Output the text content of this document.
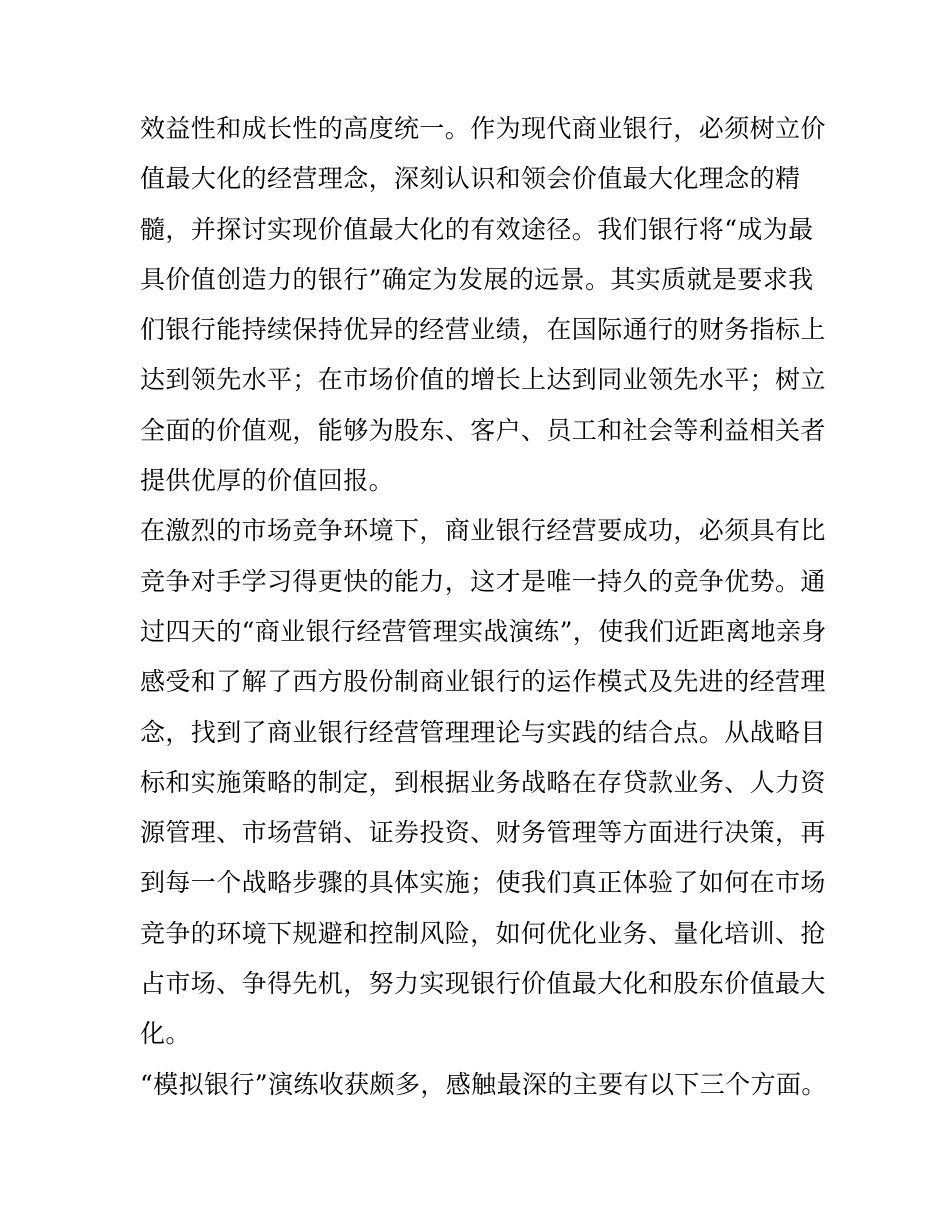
效益性和成长性的高度统一。作为现代商业银行，必须树立价
值最大化的经营理念，深刻认识和领会价值最大化理念的精
髓，并探讨实现价值最大化的有效途径。我们银行将“成为最
具价值创造力的银行”确定为发展的远景。其实质就是要求我
们银行能持续保持优异的经营业绩，在国际通行的财务指标上
达到领先水平；在市场价值的增长上达到同业领先水平；树立
全面的价值观，能够为股东、客户、员工和社会等利益相关者
提供优厚的价值回报。
在激烈的市场竞争环境下，商业银行经营要成功，必须具有比
竞争对手学习得更快的能力，这才是唯一持久的竞争优势。通
过四天的“商业银行经营管理实战演练”，使我们近距离地亲身
感受和了解了西方股份制商业银行的运作模式及先进的经营理
念，找到了商业银行经营管理理论与实践的结合点。从战略目
标和实施策略的制定，到根据业务战略在存贷款业务、人力资
源管理、市场营销、证券投资、财务管理等方面进行决策，再
到每一个战略步骤的具体实施；使我们真正体验了如何在市场
竞争的环境下规避和控制风险，如何优化业务、量化培训、抢
占市场、争得先机，努力实现银行价值最大化和股东价值最大
化。
“模拟银行”演练收获颇多，感触最深的主要有以下三个方面。
